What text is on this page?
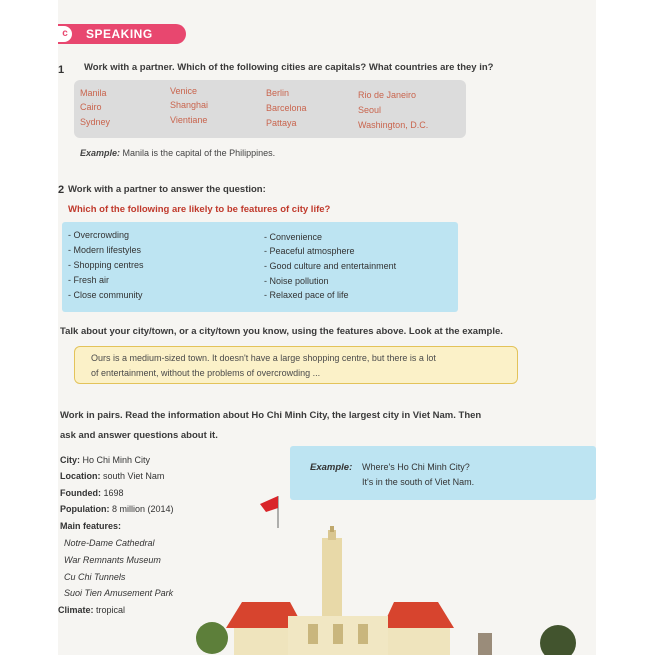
SPEAKING
c
1 Work with a partner. Which of the following cities are capitals? What countries are they in?
Manila	Venice	Berlin	Rio de Janeiro
Cairo	Shanghai	Barcelona	Seoul
Sydney	Vientiane	Pattaya	Washington, D.C.
Example: Manila is the capital of the Philippines.
2 Work with a partner to answer the question:
Which of the following are likely to be features of city life?
- Overcrowding
- Modern lifestyles
- Shopping centres
- Fresh air
- Close community
- Convenience
- Peaceful atmosphere
- Good culture and entertainment
- Noise pollution
- Relaxed pace of life
Talk about your city/town, or a city/town you know, using the features above. Look at the example.
Ours is a medium-sized town. It doesn't have a large shopping centre, but there is a lot
of entertainment, without the problems of overcrowding ...
Work in pairs. Read the information about Ho Chi Minh City, the largest city in Viet Nam. Then
ask and answer questions about it.
City: Ho Chi Minh City
Location: south Viet Nam
Founded: 1698
Population: 8 million (2014)
Main features:
Notre-Dame Cathedral
War Remnants Museum
Cu Chi Tunnels
Suoi Tien Amusement Park
Climate: tropical
Example: Where's Ho Chi Minh City?
It's in the south of Viet Nam.
